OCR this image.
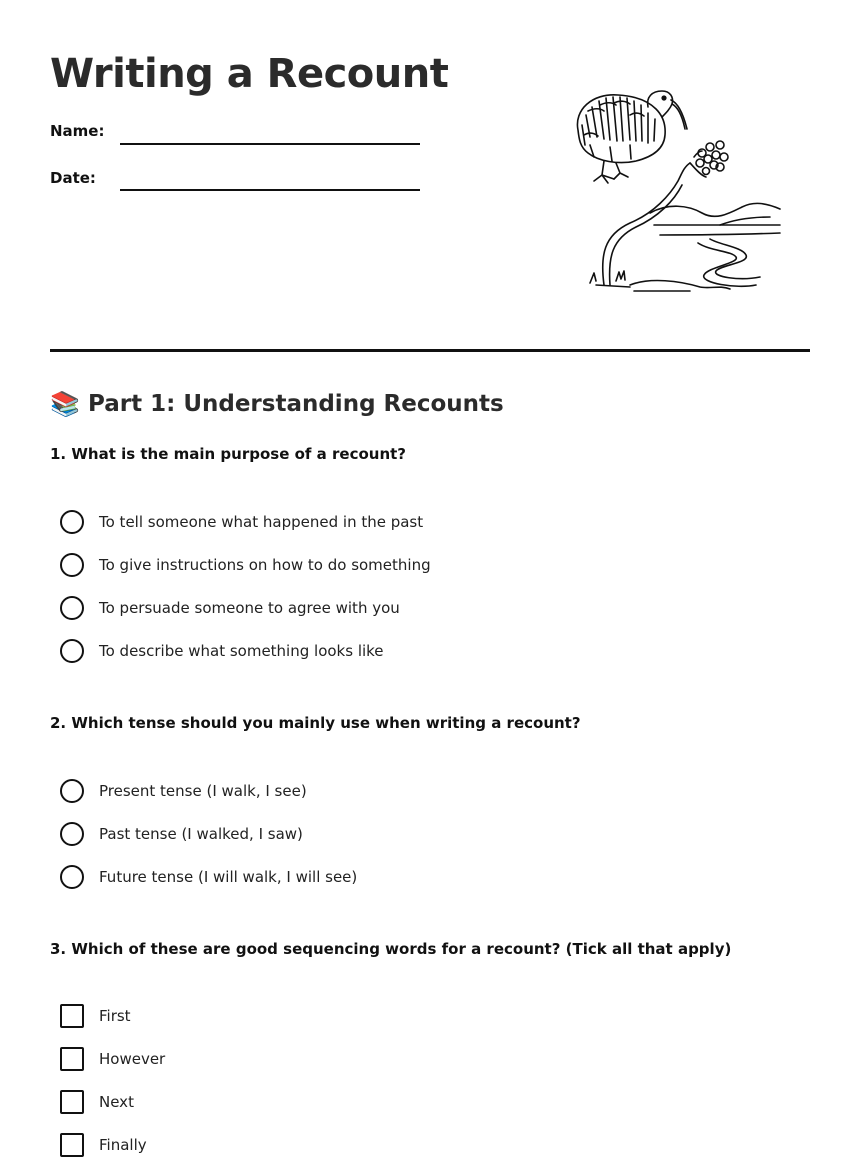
Writing a Recount
Name:
Date:
📚 Part 1: Understanding Recounts

1. What is the main purpose of a recount?

To tell someone what happened in the past
To give instructions on how to do something
To persuade someone to agree with you
To describe what something looks like

2. Which tense should you mainly use when writing a recount?

Present tense (I walk, I see)
Past tense (I walked, I saw)
Future tense (I will walk, I will see)

3. Which of these are good sequencing words for a recount? (Tick all that apply)

First
However
Next
Finally
